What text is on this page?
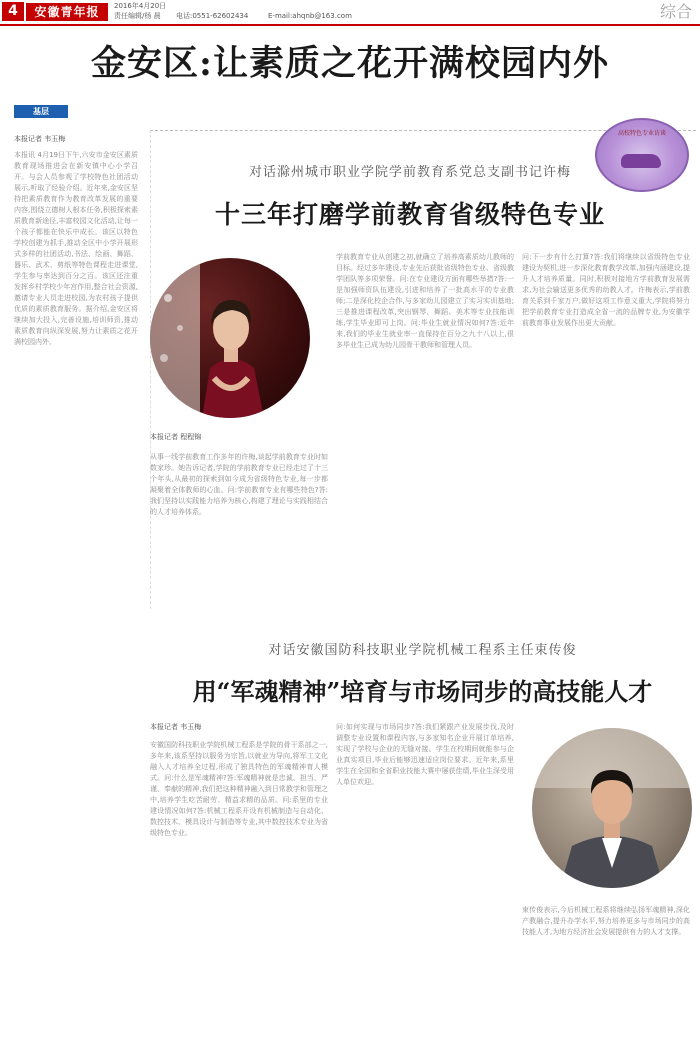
4	安徽青年报	2016年4月20日
责任编辑/杨 晨 电话:0551-62602434	E-mail:ahqnb@163.com	综合
金安区:让素质之花开满校园内外
基层
本报记者 韦玉梅
本报讯 4月19日下午,六安市金安区素质教育现场推进会在新安镇中心小学召开。与会人员参观了学校特色社团活动展示,听取了经验介绍。近年来,金安区坚持把素质教育作为教育改革发展的重要内容,围绕立德树人根本任务,积极探索素质教育新途径,丰富校园文化活动,让每一个孩子都能在快乐中成长。该区以特色学校创建为抓手,推动全区中小学开展形式多样的社团活动,书法、绘画、舞蹈、器乐、武术、剪纸等特色课程走进课堂,学生参与率达到百分之百。该区还注重发挥乡村学校少年宫作用,整合社会资源,邀请专业人员走进校园,为农村孩子提供优质的素质教育服务。据介绍,金安区将继续加大投入,完善设施,培训师资,推动素质教育向纵深发展,努力让素质之花开满校园内外。
高校特色专业访谈
对话滁州城市职业学院学前教育系党总支副书记许梅
十三年打磨学前教育省级特色专业
本报记者 程程锦
从事一线学前教育工作多年的许梅,谈起学前教育专业时如数家珍。她告诉记者,学院的学前教育专业已经走过了十三个年头,从最初的探索到如今成为省级特色专业,每一步都凝聚着全体教师的心血。问:学前教育专业有哪些特色?答:我们坚持以实践能力培养为核心,构建了理论与实践相结合的人才培养体系。
学前教育专业从创建之初,就确立了培养高素质幼儿教师的目标。经过多年建设,专业先后获批省级特色专业、省级教学团队等多项荣誉。问:在专业建设方面有哪些举措?答:一是加强师资队伍建设,引进和培养了一批高水平的专业教师;二是深化校企合作,与多家幼儿园建立了实习实训基地;三是推进课程改革,突出钢琴、舞蹈、美术等专业技能训练,学生毕业即可上岗。问:毕业生就业情况如何?答:近年来,我们的毕业生就业率一直保持在百分之九十八以上,很多毕业生已成为幼儿园骨干教师和管理人员。
问:下一步有什么打算?答:我们将继续以省级特色专业建设为契机,进一步深化教育教学改革,加强内涵建设,提升人才培养质量。同时,积极对接地方学前教育发展需求,为社会输送更多优秀的幼教人才。许梅表示,学前教育关系到千家万户,做好这项工作意义重大,学院将努力把学前教育专业打造成全省一流的品牌专业,为安徽学前教育事业发展作出更大贡献。
对话安徽国防科技职业学院机械工程系主任束传俊
用“军魂精神”培育与市场同步的高技能人才
本报记者 韦玉梅
安徽国防科技职业学院机械工程系是学院的骨干系部之一,多年来,该系坚持以服务为宗旨,以就业为导向,将军工文化融入人才培养全过程,形成了独具特色的军魂精神育人模式。问:什么是军魂精神?答:军魂精神就是忠诚、担当、严谨、奉献的精神,我们把这种精神融入到日常教学和管理之中,培养学生吃苦耐劳、精益求精的品质。问:系里的专业建设情况如何?答:机械工程系开设有机械制造与自动化、数控技术、模具设计与制造等专业,其中数控技术专业为省级特色专业。
问:如何实现与市场同步?答:我们紧跟产业发展步伐,及时调整专业设置和课程内容,与多家知名企业开展订单培养,实现了学校与企业的无缝对接。学生在校期间就能参与企业真实项目,毕业后能够迅速适应岗位要求。近年来,系里学生在全国和全省职业技能大赛中屡获佳绩,毕业生深受用人单位欢迎。
束传俊表示,今后机械工程系将继续弘扬军魂精神,深化产教融合,提升办学水平,努力培养更多与市场同步的高技能人才,为地方经济社会发展提供有力的人才支撑。
